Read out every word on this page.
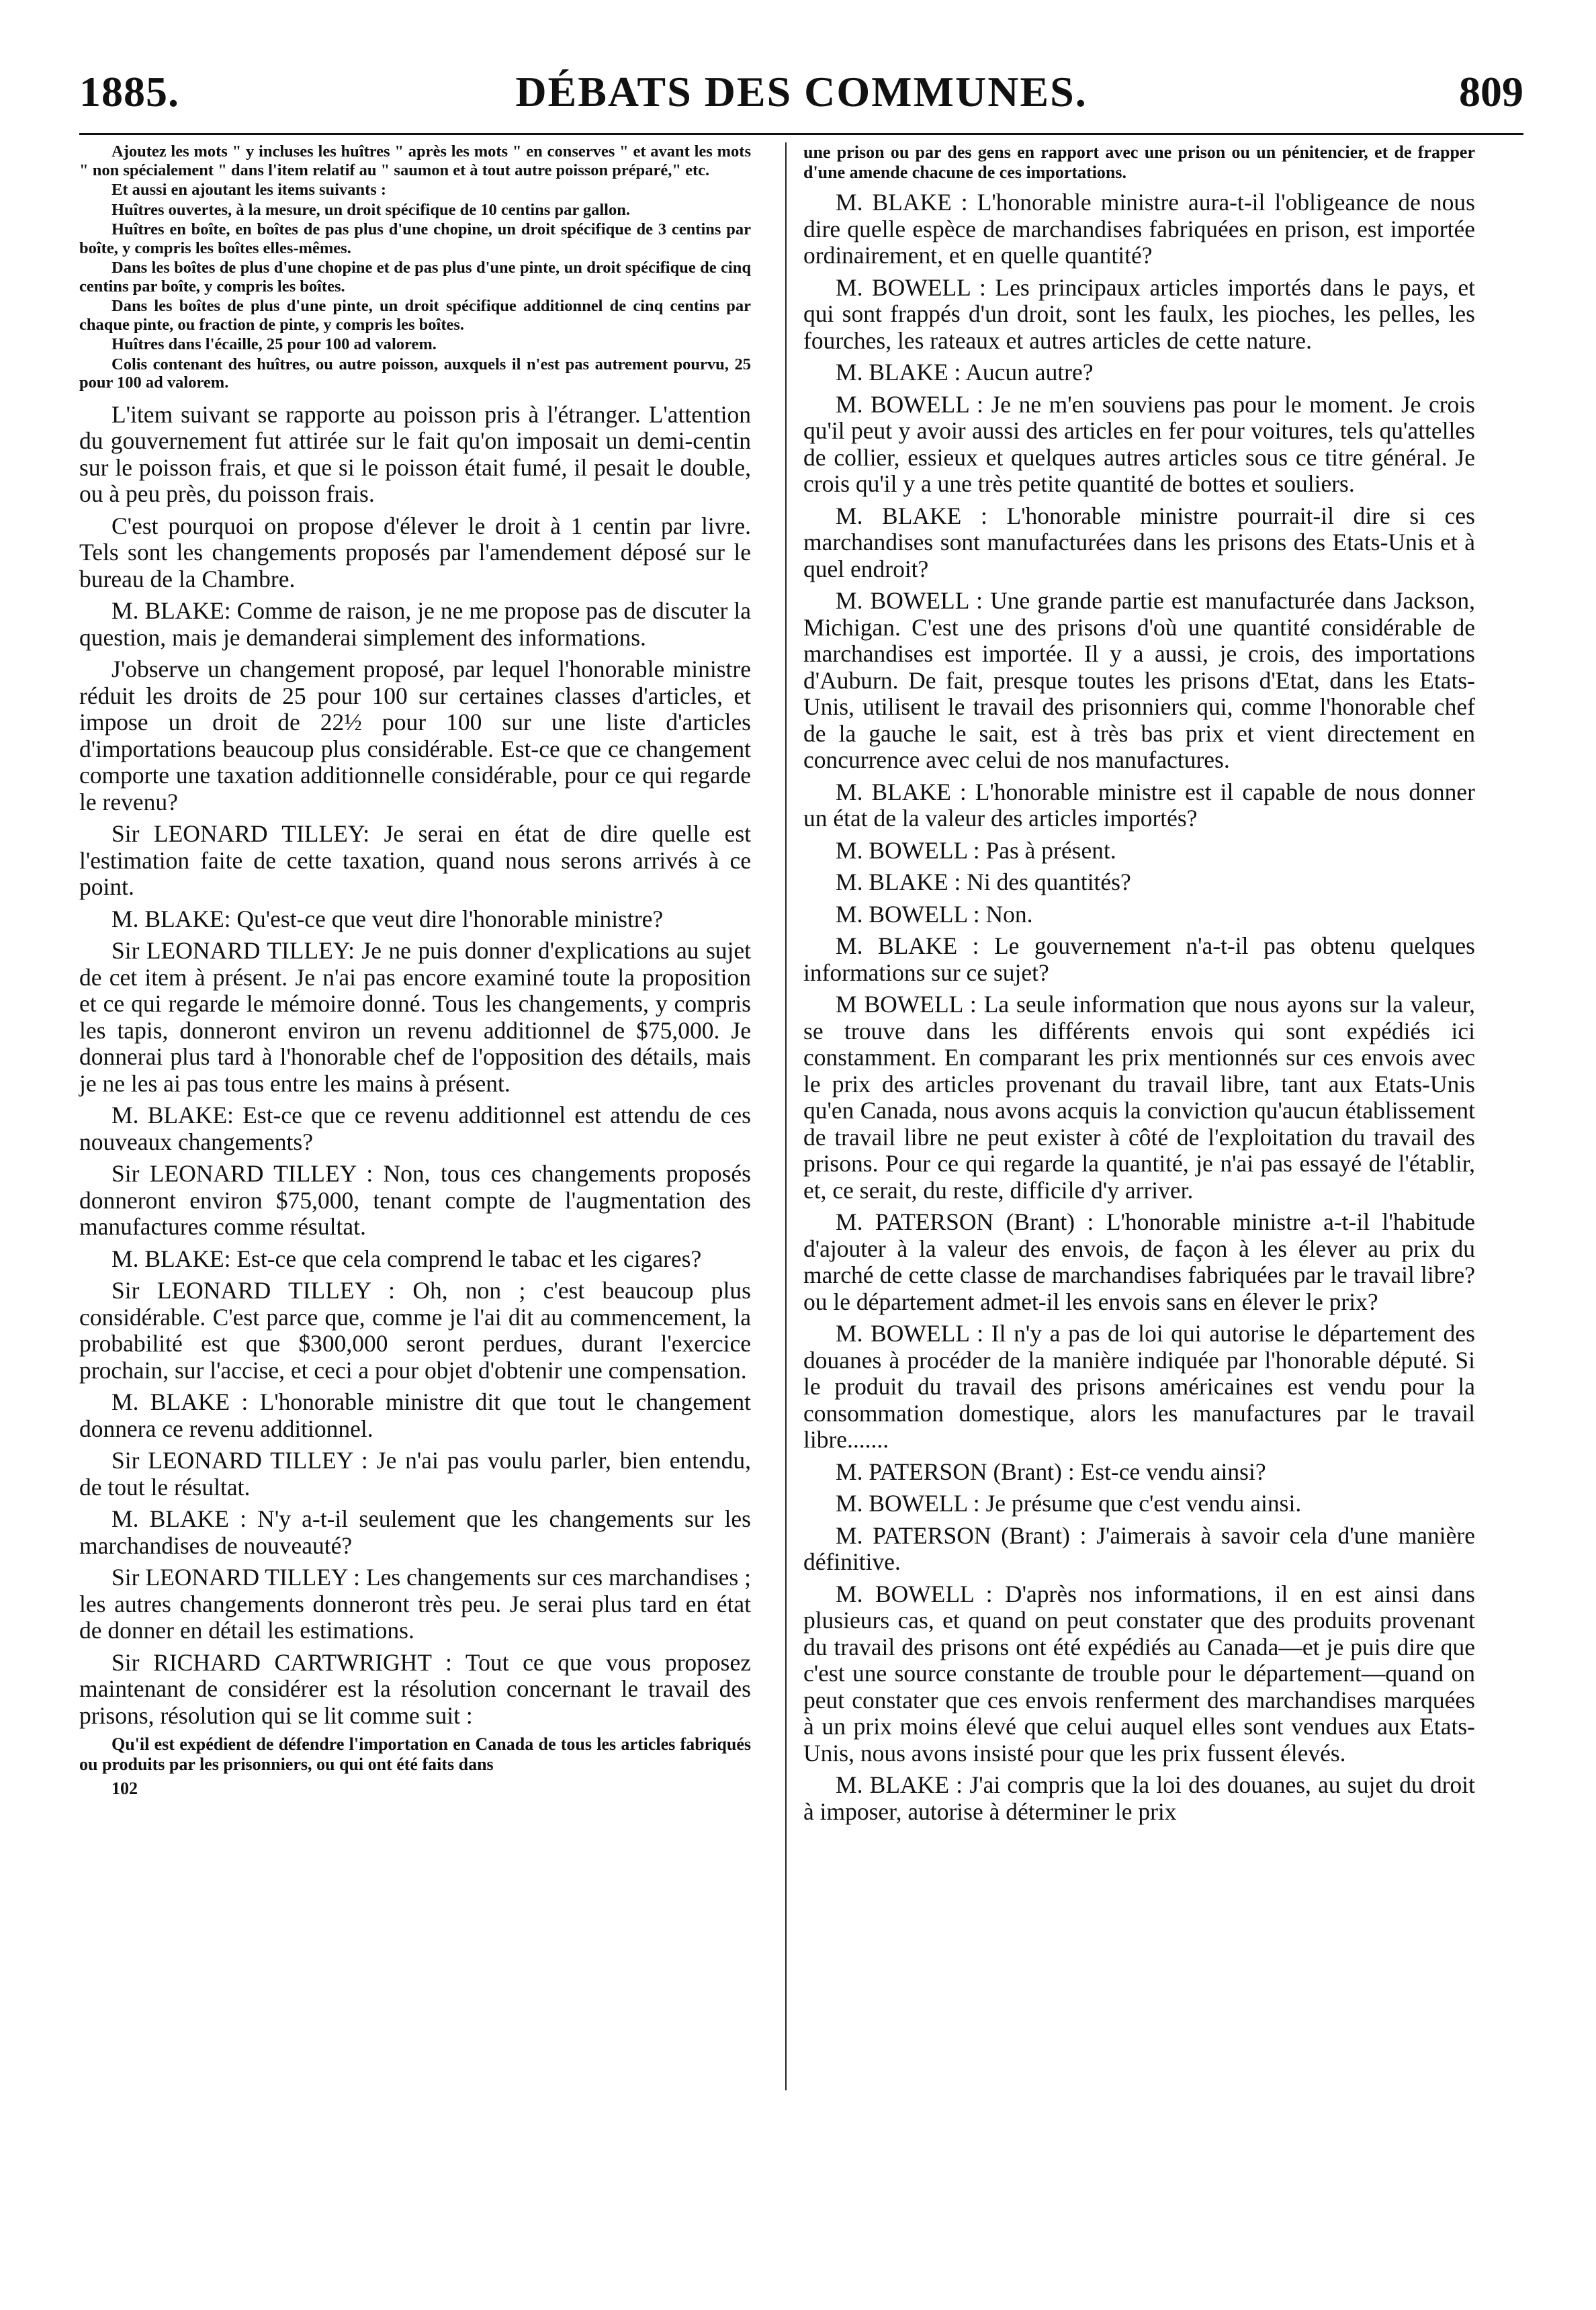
1885.	DÉBATS DES COMMUNES.	809

Ajoutez les mots " y incluses les huîtres " après les mots " en conserves " et avant les mots " non spécialement " dans l'item relatif au " saumon et à tout autre poisson préparé," etc.

Et aussi en ajoutant les items suivants :

Huîtres ouvertes, à la mesure, un droit spécifique de 10 centins par gallon.

Huîtres en boîte, en boîtes de pas plus d'une chopine, un droit spécifique de 3 centins par boîte, y compris les boîtes elles-mêmes.

Dans les boîtes de plus d'une chopine et de pas plus d'une pinte, un droit spécifique de cinq centins par boîte, y compris les boîtes.

Dans les boîtes de plus d'une pinte, un droit spécifique additionnel de cinq centins par chaque pinte, ou fraction de pinte, y compris les boîtes.

Huîtres dans l'écaille, 25 pour 100 ad valorem.

Colis contenant des huîtres, ou autre poisson, auxquels il n'est pas autrement pourvu, 25 pour 100 ad valorem.

L'item suivant se rapporte au poisson pris à l'étranger. L'attention du gouvernement fut attirée sur le fait qu'on imposait un demi-centin sur le poisson frais, et que si le poisson était fumé, il pesait le double, ou à peu près, du poisson frais.

C'est pourquoi on propose d'élever le droit à 1 centin par livre. Tels sont les changements proposés par l'amendement déposé sur le bureau de la Chambre.

M. BLAKE: Comme de raison, je ne me propose pas de discuter la question, mais je demanderai simplement des informations.

J'observe un changement proposé, par lequel l'honorable ministre réduit les droits de 25 pour 100 sur certaines classes d'articles, et impose un droit de 22½ pour 100 sur une liste d'articles d'importations beaucoup plus considérable. Est-ce que ce changement comporte une taxation additionnelle considérable, pour ce qui regarde le revenu?

Sir LEONARD TILLEY: Je serai en état de dire quelle est l'estimation faite de cette taxation, quand nous serons arrivés à ce point.

M. BLAKE: Qu'est-ce que veut dire l'honorable ministre?

Sir LEONARD TILLEY: Je ne puis donner d'explications au sujet de cet item à présent. Je n'ai pas encore examiné toute la proposition et ce qui regarde le mémoire donné. Tous les changements, y compris les tapis, donneront environ un revenu additionnel de $75,000. Je donnerai plus tard à l'honorable chef de l'opposition des détails, mais je ne les ai pas tous entre les mains à présent.

M. BLAKE: Est-ce que ce revenu additionnel est attendu de ces nouveaux changements?

Sir LEONARD TILLEY : Non, tous ces changements proposés donneront environ $75,000, tenant compte de l'augmentation des manufactures comme résultat.

M. BLAKE: Est-ce que cela comprend le tabac et les cigares?

Sir LEONARD TILLEY : Oh, non ; c'est beaucoup plus considérable. C'est parce que, comme je l'ai dit au commencement, la probabilité est que $300,000 seront perdues, durant l'exercice prochain, sur l'accise, et ceci a pour objet d'obtenir une compensation.

M. BLAKE : L'honorable ministre dit que tout le changement donnera ce revenu additionnel.

Sir LEONARD TILLEY : Je n'ai pas voulu parler, bien entendu, de tout le résultat.

M. BLAKE : N'y a-t-il seulement que les changements sur les marchandises de nouveauté?

Sir LEONARD TILLEY : Les changements sur ces marchandises ; les autres changements donneront très peu. Je serai plus tard en état de donner en détail les estimations.

Sir RICHARD CARTWRIGHT : Tout ce que vous proposez maintenant de considérer est la résolution concernant le travail des prisons, résolution qui se lit comme suit :

Qu'il est expédient de défendre l'importation en Canada de tous les articles fabriqués ou produits par les prisonniers, ou qui ont été faits dans

102

une prison ou par des gens en rapport avec une prison ou un pénitencier, et de frapper d'une amende chacune de ces importations.

M. BLAKE : L'honorable ministre aura-t-il l'obligeance de nous dire quelle espèce de marchandises fabriquées en prison, est importée ordinairement, et en quelle quantité?

M. BOWELL : Les principaux articles importés dans le pays, et qui sont frappés d'un droit, sont les faulx, les pioches, les pelles, les fourches, les rateaux et autres articles de cette nature.

M. BLAKE : Aucun autre?

M. BOWELL : Je ne m'en souviens pas pour le moment. Je crois qu'il peut y avoir aussi des articles en fer pour voitures, tels qu'attelles de collier, essieux et quelques autres articles sous ce titre général. Je crois qu'il y a une très petite quantité de bottes et souliers.

M. BLAKE : L'honorable ministre pourrait-il dire si ces marchandises sont manufacturées dans les prisons des Etats-Unis et à quel endroit?

M. BOWELL : Une grande partie est manufacturée dans Jackson, Michigan. C'est une des prisons d'où une quantité considérable de marchandises est importée. Il y a aussi, je crois, des importations d'Auburn. De fait, presque toutes les prisons d'Etat, dans les Etats-Unis, utilisent le travail des prisonniers qui, comme l'honorable chef de la gauche le sait, est à très bas prix et vient directement en concurrence avec celui de nos manufactures.

M. BLAKE : L'honorable ministre est il capable de nous donner un état de la valeur des articles importés?

M. BOWELL : Pas à présent.

M. BLAKE : Ni des quantités?

M. BOWELL : Non.

M. BLAKE : Le gouvernement n'a-t-il pas obtenu quelques informations sur ce sujet?

M BOWELL : La seule information que nous ayons sur la valeur, se trouve dans les différents envois qui sont expédiés ici constamment. En comparant les prix mentionnés sur ces envois avec le prix des articles provenant du travail libre, tant aux Etats-Unis qu'en Canada, nous avons acquis la conviction qu'aucun établissement de travail libre ne peut exister à côté de l'exploitation du travail des prisons. Pour ce qui regarde la quantité, je n'ai pas essayé de l'établir, et, ce serait, du reste, difficile d'y arriver.

M. PATERSON (Brant) : L'honorable ministre a-t-il l'habitude d'ajouter à la valeur des envois, de façon à les élever au prix du marché de cette classe de marchandises fabriquées par le travail libre? ou le département admet-il les envois sans en élever le prix?

M. BOWELL : Il n'y a pas de loi qui autorise le département des douanes à procéder de la manière indiquée par l'honorable député. Si le produit du travail des prisons américaines est vendu pour la consommation domestique, alors les manufactures par le travail libre.......

M. PATERSON (Brant) : Est-ce vendu ainsi?

M. BOWELL : Je présume que c'est vendu ainsi.

M. PATERSON (Brant) : J'aimerais à savoir cela d'une manière définitive.

M. BOWELL : D'après nos informations, il en est ainsi dans plusieurs cas, et quand on peut constater que des produits provenant du travail des prisons ont été expédiés au Canada—et je puis dire que c'est une source constante de trouble pour le département—quand on peut constater que ces envois renferment des marchandises marquées à un prix moins élevé que celui auquel elles sont vendues aux Etats-Unis, nous avons insisté pour que les prix fussent élevés.

M. BLAKE : J'ai compris que la loi des douanes, au sujet du droit à imposer, autorise à déterminer le prix
